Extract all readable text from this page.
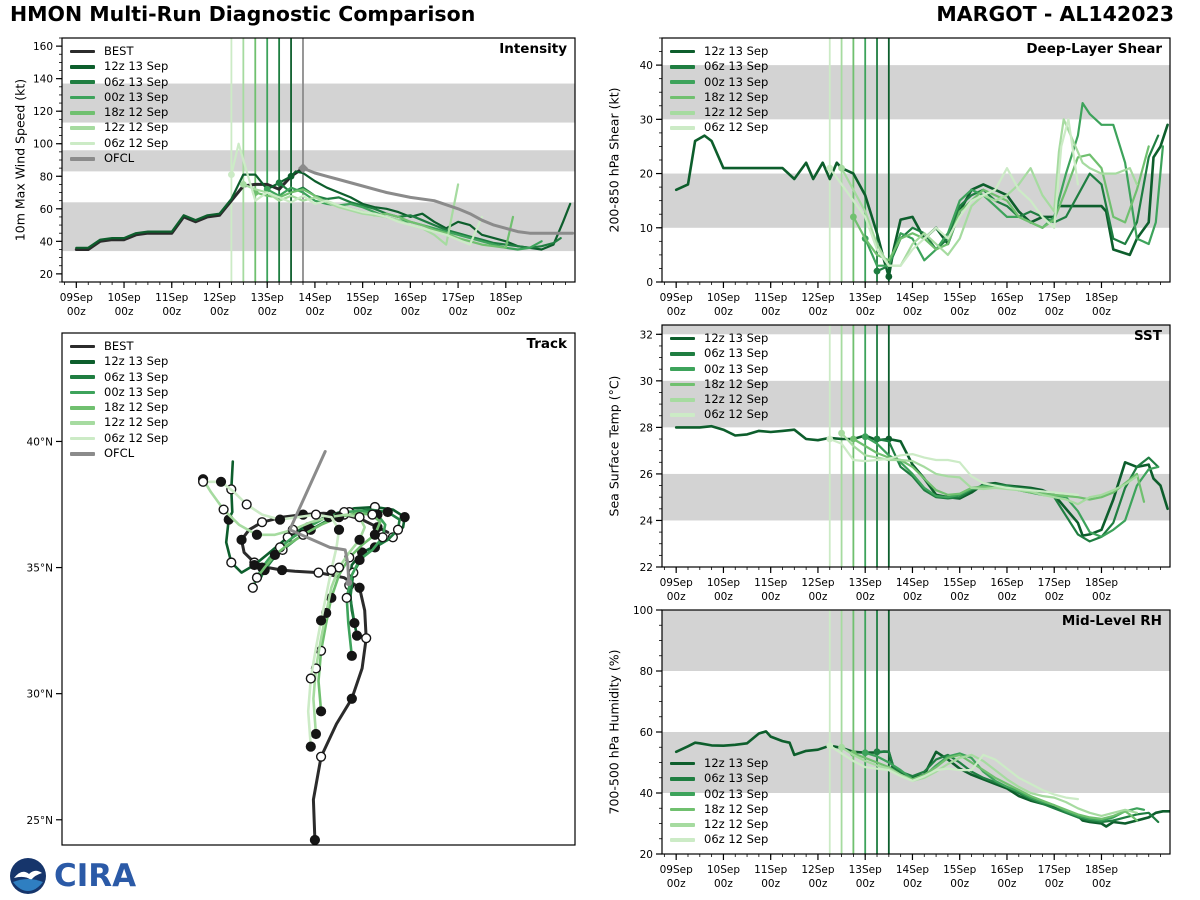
HMON Multi-Run Diagnostic Comparison	MARGOT - AL142023
Intensity	Deep-Layer Shear
SST
Mid-Level RH
Track
10m Max Wind Speed (kt)	200-850 hPa Shear (kt)
Sea Surface Temp (°C)
700-500 hPa Humidity (%)
20
40
60
80
100
120
140
160
09Sep
00z
10Sep
00z
11Sep
00z
12Sep
00z
13Sep
00z
14Sep
00z
15Sep
00z
16Sep
00z
17Sep
00z
18Sep
00z
0
10
20
30
40
09Sep
00z
10Sep
00z
11Sep
00z
12Sep
00z
13Sep
00z
14Sep
00z
15Sep
00z
16Sep
00z
17Sep
00z
18Sep
00z
22
24
26
28
30
32
09Sep
00z
10Sep
00z
11Sep
00z
12Sep
00z
13Sep
00z
14Sep
00z
15Sep
00z
16Sep
00z
17Sep
00z
18Sep
00z
20
40
60
80
100
09Sep
00z
10Sep
00z
11Sep
00z
12Sep
00z
13Sep
00z
14Sep
00z
15Sep
00z
16Sep
00z
17Sep
00z
18Sep
00z
25°N
30°N
35°N
40°N
CIRA
BEST
12z 13 Sep
06z 13 Sep
00z 13 Sep
18z 12 Sep
12z 12 Sep
06z 12 Sep
OFCL
12z 13 Sep
06z 13 Sep
00z 13 Sep
18z 12 Sep
12z 12 Sep
06z 12 Sep
12z 13 Sep
06z 13 Sep
00z 13 Sep
18z 12 Sep
12z 12 Sep
06z 12 Sep
12z 13 Sep
06z 13 Sep
00z 13 Sep
18z 12 Sep
12z 12 Sep
06z 12 Sep
BEST
12z 13 Sep
06z 13 Sep
00z 13 Sep
18z 12 Sep
12z 12 Sep
06z 12 Sep
OFCL
